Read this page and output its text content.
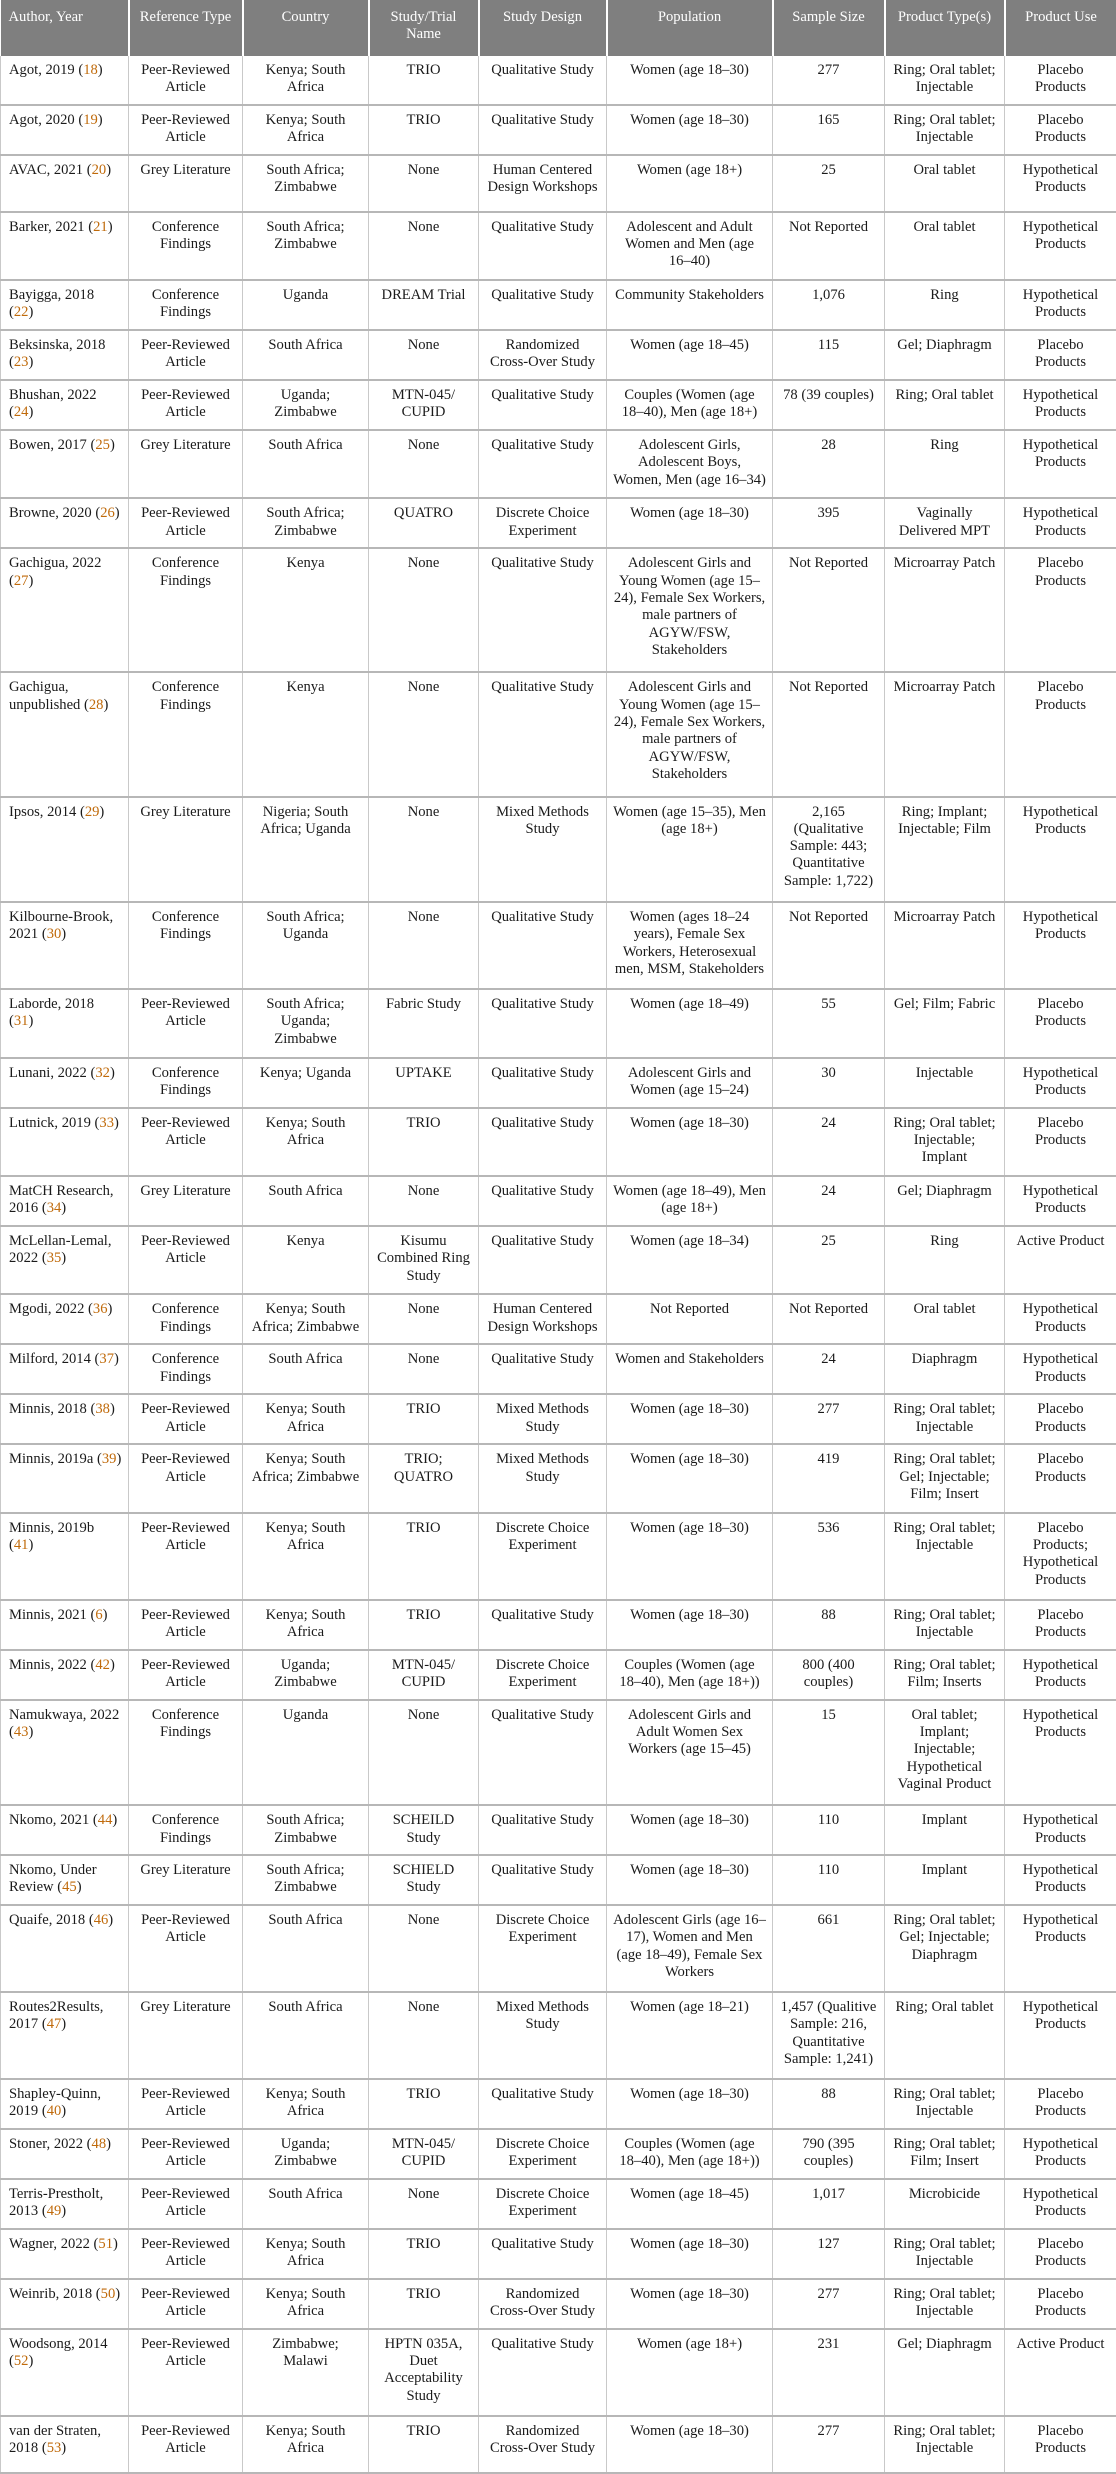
Author, Year	Reference Type	Country	Study/Trial Name	Study Design	Population	Sample Size	Product Type(s)	Product Use
Agot, 2019 (18)	Peer-Reviewed Article	Kenya; South Africa	TRIO	Qualitative Study	Women (age 18–30)	277	Ring; Oral tablet; Injectable	Placebo Products
Agot, 2020 (19)	Peer-Reviewed Article	Kenya; South Africa	TRIO	Qualitative Study	Women (age 18–30)	165	Ring; Oral tablet; Injectable	Placebo Products
AVAC, 2021 (20)	Grey Literature	South Africa; Zimbabwe	None	Human Centered Design Workshops	Women (age 18+)	25	Oral tablet	Hypothetical Products
Barker, 2021 (21)	Conference Findings	South Africa; Zimbabwe	None	Qualitative Study	Adolescent and Adult Women and Men (age 16–40)	Not Reported	Oral tablet	Hypothetical Products
Bayigga, 2018 (22)	Conference Findings	Uganda	DREAM Trial	Qualitative Study	Community Stakeholders	1,076	Ring	Hypothetical Products
Beksinska, 2018 (23)	Peer-Reviewed Article	South Africa	None	Randomized Cross-Over Study	Women (age 18–45)	115	Gel; Diaphragm	Placebo Products
Bhushan, 2022 (24)	Peer-Reviewed Article	Uganda; Zimbabwe	MTN-045/ CUPID	Qualitative Study	Couples (Women (age 18–40), Men (age 18+)	78 (39 couples)	Ring; Oral tablet	Hypothetical Products
Bowen, 2017 (25)	Grey Literature	South Africa	None	Qualitative Study	Adolescent Girls, Adolescent Boys, Women, Men (age 16–34)	28	Ring	Hypothetical Products
Browne, 2020 (26)	Peer-Reviewed Article	South Africa; Zimbabwe	QUATRO	Discrete Choice Experiment	Women (age 18–30)	395	Vaginally Delivered MPT	Hypothetical Products
Gachigua, 2022 (27)	Conference Findings	Kenya	None	Qualitative Study	Adolescent Girls and Young Women (age 15–24), Female Sex Workers, male partners of AGYW/FSW, Stakeholders	Not Reported	Microarray Patch	Placebo Products
Gachigua, unpublished (28)	Conference Findings	Kenya	None	Qualitative Study	Adolescent Girls and Young Women (age 15–24), Female Sex Workers, male partners of AGYW/FSW, Stakeholders	Not Reported	Microarray Patch	Placebo Products
Ipsos, 2014 (29)	Grey Literature	Nigeria; South Africa; Uganda	None	Mixed Methods Study	Women (age 15–35), Men (age 18+)	2,165 (Qualitative Sample: 443; Quantitative Sample: 1,722)	Ring; Implant; Injectable; Film	Hypothetical Products
Kilbourne-Brook, 2021 (30)	Conference Findings	South Africa; Uganda	None	Qualitative Study	Women (ages 18–24 years), Female Sex Workers, Heterosexual men, MSM, Stakeholders	Not Reported	Microarray Patch	Hypothetical Products
Laborde, 2018 (31)	Peer-Reviewed Article	South Africa; Uganda; Zimbabwe	Fabric Study	Qualitative Study	Women (age 18–49)	55	Gel; Film; Fabric	Placebo Products
Lunani, 2022 (32)	Conference Findings	Kenya; Uganda	UPTAKE	Qualitative Study	Adolescent Girls and Women (age 15–24)	30	Injectable	Hypothetical Products
Lutnick, 2019 (33)	Peer-Reviewed Article	Kenya; South Africa	TRIO	Qualitative Study	Women (age 18–30)	24	Ring; Oral tablet; Injectable; Implant	Placebo Products
MatCH Research, 2016 (34)	Grey Literature	South Africa	None	Qualitative Study	Women (age 18–49), Men (age 18+)	24	Gel; Diaphragm	Hypothetical Products
McLellan-Lemal, 2022 (35)	Peer-Reviewed Article	Kenya	Kisumu Combined Ring Study	Qualitative Study	Women (age 18–34)	25	Ring	Active Product
Mgodi, 2022 (36)	Conference Findings	Kenya; South Africa; Zimbabwe	None	Human Centered Design Workshops	Not Reported	Not Reported	Oral tablet	Hypothetical Products
Milford, 2014 (37)	Conference Findings	South Africa	None	Qualitative Study	Women and Stakeholders	24	Diaphragm	Hypothetical Products
Minnis, 2018 (38)	Peer-Reviewed Article	Kenya; South Africa	TRIO	Mixed Methods Study	Women (age 18–30)	277	Ring; Oral tablet; Injectable	Placebo Products
Minnis, 2019a (39)	Peer-Reviewed Article	Kenya; South Africa; Zimbabwe	TRIO; QUATRO	Mixed Methods Study	Women (age 18–30)	419	Ring; Oral tablet; Gel; Injectable; Film; Insert	Placebo Products
Minnis, 2019b (41)	Peer-Reviewed Article	Kenya; South Africa	TRIO	Discrete Choice Experiment	Women (age 18–30)	536	Ring; Oral tablet; Injectable	Placebo Products; Hypothetical Products
Minnis, 2021 (6)	Peer-Reviewed Article	Kenya; South Africa	TRIO	Qualitative Study	Women (age 18–30)	88	Ring; Oral tablet; Injectable	Placebo Products
Minnis, 2022 (42)	Peer-Reviewed Article	Uganda; Zimbabwe	MTN-045/ CUPID	Discrete Choice Experiment	Couples (Women (age 18–40), Men (age 18+))	800 (400 couples)	Ring; Oral tablet; Film; Inserts	Hypothetical Products
Namukwaya, 2022 (43)	Conference Findings	Uganda	None	Qualitative Study	Adolescent Girls and Adult Women Sex Workers (age 15–45)	15	Oral tablet; Implant; Injectable; Hypothetical Vaginal Product	Hypothetical Products
Nkomo, 2021 (44)	Conference Findings	South Africa; Zimbabwe	SCHEILD Study	Qualitative Study	Women (age 18–30)	110	Implant	Hypothetical Products
Nkomo, Under Review (45)	Grey Literature	South Africa; Zimbabwe	SCHIELD Study	Qualitative Study	Women (age 18–30)	110	Implant	Hypothetical Products
Quaife, 2018 (46)	Peer-Reviewed Article	South Africa	None	Discrete Choice Experiment	Adolescent Girls (age 16–17), Women and Men (age 18–49), Female Sex Workers	661	Ring; Oral tablet; Gel; Injectable; Diaphragm	Hypothetical Products
Routes2Results, 2017 (47)	Grey Literature	South Africa	None	Mixed Methods Study	Women (age 18–21)	1,457 (Qualitive Sample: 216, Quantitative Sample: 1,241)	Ring; Oral tablet	Hypothetical Products
Shapley-Quinn, 2019 (40)	Peer-Reviewed Article	Kenya; South Africa	TRIO	Qualitative Study	Women (age 18–30)	88	Ring; Oral tablet; Injectable	Placebo Products
Stoner, 2022 (48)	Peer-Reviewed Article	Uganda; Zimbabwe	MTN-045/ CUPID	Discrete Choice Experiment	Couples (Women (age 18–40), Men (age 18+))	790 (395 couples)	Ring; Oral tablet; Film; Insert	Hypothetical Products
Terris-Prestholt, 2013 (49)	Peer-Reviewed Article	South Africa	None	Discrete Choice Experiment	Women (age 18–45)	1,017	Microbicide	Hypothetical Products
Wagner, 2022 (51)	Peer-Reviewed Article	Kenya; South Africa	TRIO	Qualitative Study	Women (age 18–30)	127	Ring; Oral tablet; Injectable	Placebo Products
Weinrib, 2018 (50)	Peer-Reviewed Article	Kenya; South Africa	TRIO	Randomized Cross-Over Study	Women (age 18–30)	277	Ring; Oral tablet; Injectable	Placebo Products
Woodsong, 2014 (52)	Peer-Reviewed Article	Zimbabwe; Malawi	HPTN 035A, Duet Acceptability Study	Qualitative Study	Women (age 18+)	231	Gel; Diaphragm	Active Product
van der Straten, 2018 (53)	Peer-Reviewed Article	Kenya; South Africa	TRIO	Randomized Cross-Over Study	Women (age 18–30)	277	Ring; Oral tablet; Injectable	Placebo Products
